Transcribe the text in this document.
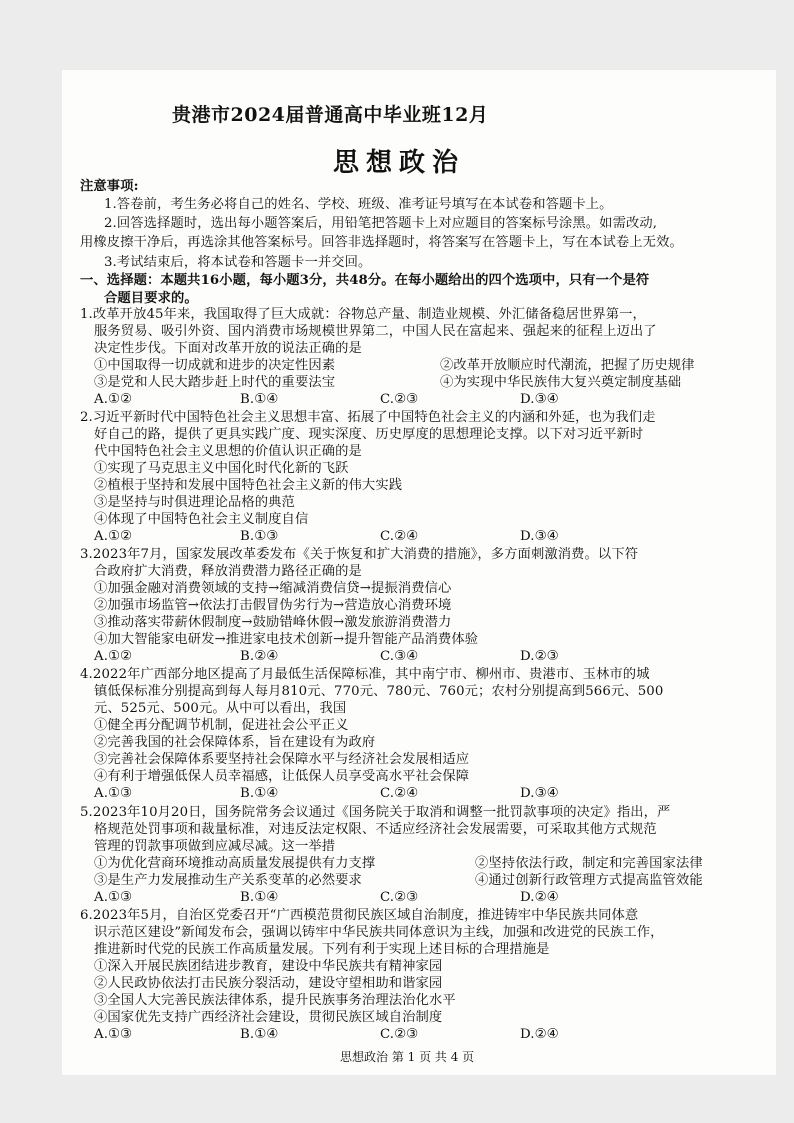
贵港市2024届普通高中毕业班12月
思想政治
注意事项:
1.答卷前，考生务必将自己的姓名、学校、班级、准考证号填写在本试卷和答题卡上。
2.回答选择题时，选出每小题答案后，用铅笔把答题卡上对应题目的答案标号涂黑。如需改动,
用橡皮擦干净后，再选涂其他答案标号。回答非选择题时，将答案写在答题卡上，写在本试卷上无效。
3.考试结束后，将本试卷和答题卡一并交回。
一、选择题：本题共16小题，每小题3分，共48分。在每小题给出的四个选项中，只有一个是符
合题目要求的。
1.改革开放45年来，我国取得了巨大成就：谷物总产量、制造业规模、外汇储备稳居世界第一，
服务贸易、吸引外资、国内消费市场规模世界第二，中国人民在富起来、强起来的征程上迈出了
决定性步伐。下面对改革开放的说法正确的是
①中国取得一切成就和进步的决定性因素	②改革开放顺应时代潮流，把握了历史规律
③是党和人民大踏步赶上时代的重要法宝	④为实现中华民族伟大复兴奠定制度基础
A.①②	B.①④	C.②③	D.③④
2.习近平新时代中国特色社会主义思想丰富、拓展了中国特色社会主义的内涵和外延，也为我们走
好自己的路，提供了更具实践广度、现实深度、历史厚度的思想理论支撑。以下对习近平新时
代中国特色社会主义思想的价值认识正确的是
①实现了马克思主义中国化时代化新的飞跃
②植根于坚持和发展中国特色社会主义新的伟大实践
③是坚持与时俱进理论品格的典范
④体现了中国特色社会主义制度自信
A.①②	B.①③	C.②④	D.③④
3.2023年7月，国家发展改革委发布《关于恢复和扩大消费的措施》，多方面刺激消费。以下符
合政府扩大消费，释放消费潜力路径正确的是
①加强金融对消费领域的支持→缩减消费信贷→提振消费信心
②加强市场监管→依法打击假冒伪劣行为→营造放心消费环境
③推动落实带薪休假制度→鼓励错峰休假→激发旅游消费潜力
④加大智能家电研发→推进家电技术创新→提升智能产品消费体验
A.①②	B.②④	C.③④	D.②③
4.2022年广西部分地区提高了月最低生活保障标准，其中南宁市、柳州市、贵港市、玉林市的城
镇低保标准分别提高到每人每月810元、770元、780元、760元；农村分别提高到566元、500
元、525元、500元。从中可以看出，我国
①健全再分配调节机制，促进社会公平正义
②完善我国的社会保障体系，旨在建设有为政府
③完善社会保障体系要坚持社会保障水平与经济社会发展相适应
④有利于增强低保人员幸福感，让低保人员享受高水平社会保障
A.①③	B.①④	C.②④	D.③④
5.2023年10月20日，国务院常务会议通过《国务院关于取消和调整一批罚款事项的决定》指出，严
格规范处罚事项和裁量标准，对违反法定权限、不适应经济社会发展需要，可采取其他方式规范
管理的罚款事项做到应减尽减。这一举措
①为优化营商环境推动高质量发展提供有力支撑	②坚持依法行政，制定和完善国家法律
③是生产力发展推动生产关系变革的必然要求	④通过创新行政管理方式提高监管效能
A.①③	B.①④	C.②③	D.②④
6.2023年5月，自治区党委召开“广西模范贯彻民族区域自治制度，推进铸牢中华民族共同体意
识示范区建设”新闻发布会，强调以铸牢中华民族共同体意识为主线，加强和改进党的民族工作，
推进新时代党的民族工作高质量发展。下列有利于实现上述目标的合理措施是
①深入开展民族团结进步教育，建设中华民族共有精神家园
②人民政协依法打击民族分裂活动，建设守望相助和谐家园
③全国人大完善民族法律体系，提升民族事务治理法治化水平
④国家优先支持广西经济社会建设，贯彻民族区域自治制度
A.①③	B.①④	C.②③	D.②④
思想政治 第 1 页 共 4 页
